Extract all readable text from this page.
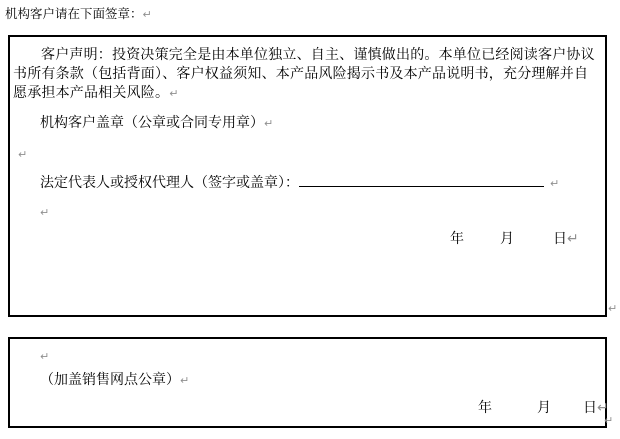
机构客户请在下面签章：↵
客户声明：投资决策完全是由本单位独立、自主、谨慎做出的。本单位已经阅读客户协议
书所有条款（包括背面）、客户权益须知、本产品风险揭示书及本产品说明书，充分理解并自
愿承担本产品相关风险。↵
机构客户盖章（公章或合同专用章）↵
↵
法定代表人或授权代理人（签字或盖章）：	↵
↵
年	月	日 ↵
↵
↵
（加盖销售网点公章）↵
年	月 日 ↵
↵
